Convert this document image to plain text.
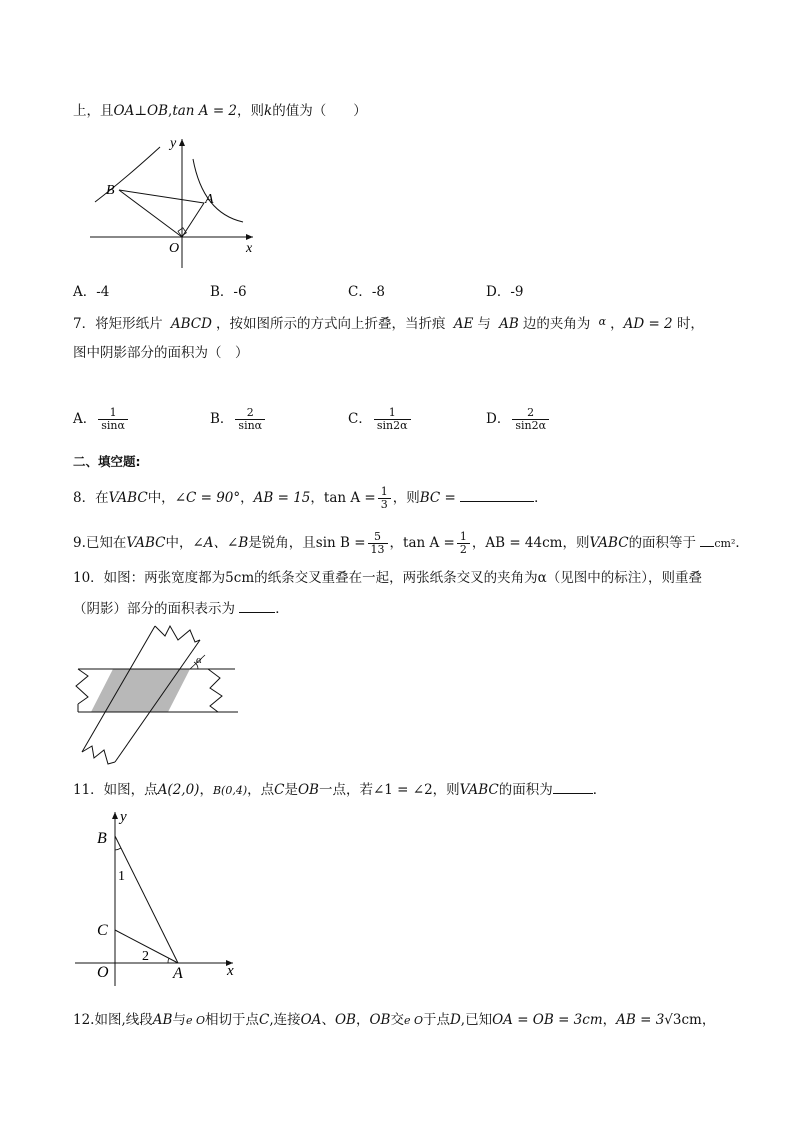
上，且OA⊥OB,tan A = 2，则k的值为（　　）
y
x
O
A
B
A．-4	B．-6	C．-8	D．-9
7．将矩形纸片 ABCD ，按如图所示的方式向上折叠，当折痕 AE 与 AB 边的夹角为 $^\alpha$ ，AD = 2 时，
图中阴影部分的面积为（　）
A． $\frac{1}{\sin\alpha}$	B． $\frac{2}{\sin\alpha}$	C． $\frac{1}{\sin 2\alpha}$	D． $\frac{2}{\sin 2\alpha}$
二、填空题:
8．在VABC中，∠C = 90°，AB = 15，$\tan A = \frac{1}{3}$ ，则BC =	．
9.已知在VABC中，∠A、∠B是锐角，且$\sin B = \frac{5}{13}$ ，$\tan A = \frac{1}{2}$ ，AB = 44cm，则VABC的面积等于 cm²．
10．如图：两张宽度都为5cm的纸条交叉重叠在一起，两张纸条交叉的夹角为α（见图中的标注），则重叠
（阴影）部分的面积表示为	．
α
11．如图，点A(2,0)，B(0,4)，点C是OB一点，若∠1 = ∠2，则VABC的面积为	．
y
x
B
C
O	A
1
2
12.如图,线段AB与e O相切于点C,连接OA、OB，OB交e O于点D,已知OA = OB = 3cm，AB = 3√3cm，
